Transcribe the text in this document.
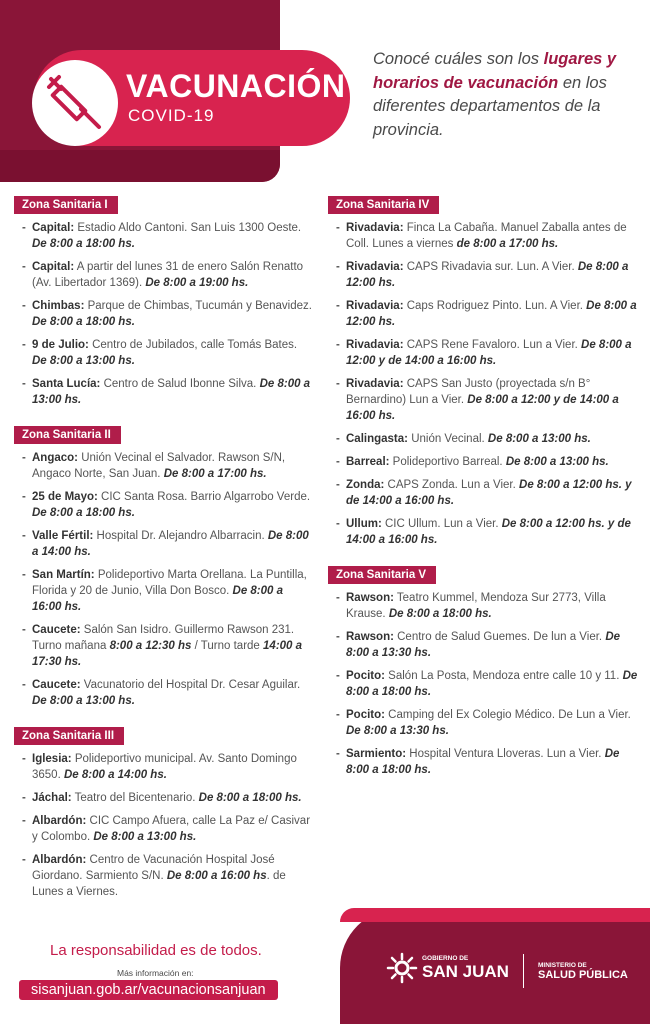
VACUNACIÓN
COVID-19
Conocé cuáles son los lugares y horarios de vacunación en los diferentes departamentos de la provincia.
Zona Sanitaria I
- Capital: Estadio Aldo Cantoni. San Luis 1300 Oeste. De 8:00 a 18:00 hs.
- Capital: A partir del lunes 31 de enero Salón Renatto (Av. Libertador 1369). De 8:00 a 19:00 hs.
- Chimbas: Parque de Chimbas, Tucumán y Benavidez. De 8:00 a 18:00 hs.
- 9 de Julio: Centro de Jubilados, calle Tomás Bates. De 8:00 a 13:00 hs.
- Santa Lucía: Centro de Salud Ibonne Silva. De 8:00 a 13:00 hs.
Zona Sanitaria II
- Angaco: Unión Vecinal el Salvador. Rawson S/N, Angaco Norte, San Juan. De 8:00 a 17:00 hs.
- 25 de Mayo: CIC Santa Rosa. Barrio Algarrobo Verde. De 8:00 a 18:00 hs.
- Valle Fértil: Hospital Dr. Alejandro Albarracin. De 8:00 a 14:00 hs.
- San Martín: Polideportivo Marta Orellana. La Puntilla, Florida y 20 de Junio, Villa Don Bosco. De 8:00 a 16:00 hs.
- Caucete: Salón San Isidro. Guillermo Rawson 231. Turno mañana 8:00 a 12:30 hs / Turno tarde 14:00 a 17:30 hs.
- Caucete: Vacunatorio del Hospital Dr. Cesar Aguilar. De 8:00 a 13:00 hs.
Zona Sanitaria III
- Iglesia: Polideportivo municipal. Av. Santo Domingo 3650. De 8:00 a 14:00 hs.
- Jáchal: Teatro del Bicentenario. De 8:00 a 18:00 hs.
- Albardón: CIC Campo Afuera, calle La Paz e/ Casivar y Colombo. De 8:00 a 13:00 hs.
- Albardón: Centro de Vacunación Hospital José Giordano. Sarmiento S/N. De 8:00 a 16:00 hs. de Lunes a Viernes.
Zona Sanitaria IV
- Rivadavia: Finca La Cabaña. Manuel Zaballa antes de Coll. Lunes a viernes de 8:00 a 17:00 hs.
- Rivadavia: CAPS Rivadavia sur. Lun. A Vier. De 8:00 a 12:00 hs.
- Rivadavia: Caps Rodriguez Pinto. Lun. A Vier. De 8:00 a 12:00 hs.
- Rivadavia: CAPS Rene Favaloro. Lun a Vier. De 8:00 a 12:00 y de 14:00 a 16:00 hs.
- Rivadavia: CAPS San Justo (proyectada s/n B° Bernardino) Lun a Vier. De 8:00 a 12:00 y de 14:00 a 16:00 hs.
- Calingasta: Unión Vecinal. De 8:00 a 13:00 hs.
- Barreal: Polideportivo Barreal. De 8:00 a 13:00 hs.
- Zonda: CAPS Zonda. Lun a Vier. De 8:00 a 12:00 hs. y de 14:00 a 16:00 hs.
- Ullum: CIC Ullum. Lun a Vier. De 8:00 a 12:00 hs. y de 14:00 a 16:00 hs.
Zona Sanitaria V
- Rawson: Teatro Kummel, Mendoza Sur 2773, Villa Krause. De 8:00 a 18:00 hs.
- Rawson: Centro de Salud Guemes. De lun a Vier. De 8:00 a 13:30 hs.
- Pocito: Salón La Posta, Mendoza entre calle 10 y 11. De 8:00 a 18:00 hs.
- Pocito: Camping del Ex Colegio Médico. De Lun a Vier. De 8:00 a 13:30 hs.
- Sarmiento: Hospital Ventura Lloveras. Lun a Vier. De 8:00 a 18:00 hs.
La responsabilidad es de todos.
Más información en:
sisanjuan.gob.ar/vacunacionsanjuan
GOBIERNO DE
SAN JUAN	MINISTERIO DE
SALUD PÚBLICA
